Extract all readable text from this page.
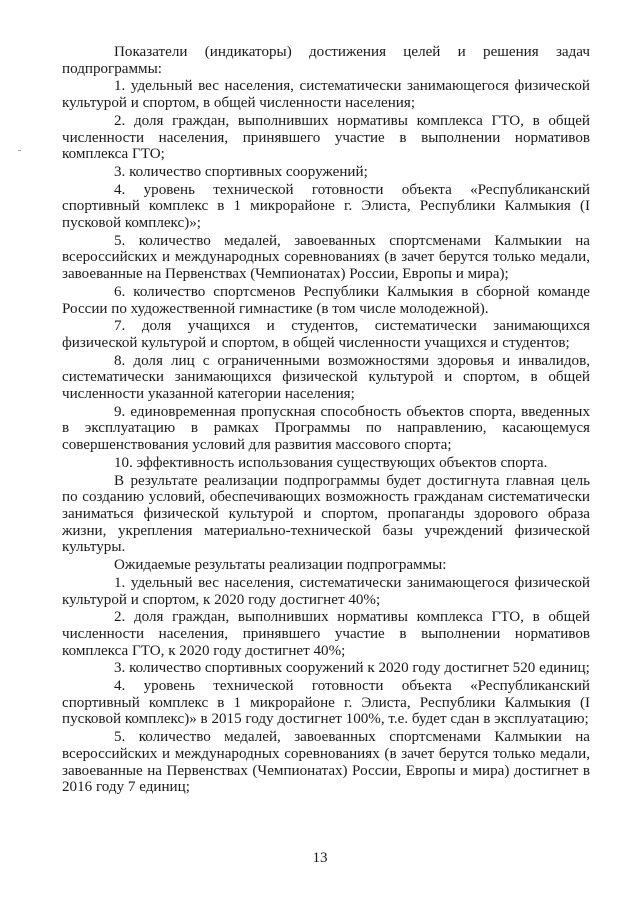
Показатели (индикаторы) достижения целей и решения задач подпрограммы:

1. удельный вес населения, систематически занимающегося физической культурой и спортом, в общей численности населения;

2. доля граждан, выполнивших нормативы комплекса ГТО, в общей численности населения, принявшего участие в выполнении нормативов комплекса ГТО;

3. количество спортивных сооружений;

4. уровень технической готовности объекта «Республиканский спортивный комплекс в 1 микрорайоне г. Элиста, Республики Калмыкия (I пусковой комплекс)»;

5. количество медалей, завоеванных спортсменами Калмыкии на всероссийских и международных соревнованиях (в зачет берутся только медали, завоеванные на Первенствах (Чемпионатах) России, Европы и мира);

6. количество спортсменов Республики Калмыкия в сборной команде России по художественной гимнастике (в том числе молодежной).

7. доля учащихся и студентов, систематически занимающихся физической культурой и спортом, в общей численности учащихся и студентов;

8. доля лиц с ограниченными возможностями здоровья и инвалидов, систематически занимающихся физической культурой и спортом, в общей численности указанной категории населения;

9. единовременная пропускная способность объектов спорта, введенных в эксплуатацию в рамках Программы по направлению, касающемуся совершенствования условий для развития массового спорта;

10. эффективность использования существующих объектов спорта.

В результате реализации подпрограммы будет достигнута главная цель по созданию условий, обеспечивающих возможность гражданам систематически заниматься физической культурой и спортом, пропаганды здорового образа жизни, укрепления материально-технической базы учреждений физической культуры.

Ожидаемые результаты реализации подпрограммы:

1. удельный вес населения, систематически занимающегося физической культурой и спортом, к 2020 году достигнет 40%;

2. доля граждан, выполнивших нормативы комплекса ГТО, в общей численности населения, принявшего участие в выполнении нормативов комплекса ГТО, к 2020 году достигнет 40%;

3. количество спортивных сооружений к 2020 году достигнет 520 единиц;

4. уровень технической готовности объекта «Республиканский спортивный комплекс в 1 микрорайоне г. Элиста, Республики Калмыкия (I пусковой комплекс)» в 2015 году достигнет 100%, т.е. будет сдан в эксплуатацию;

5. количество медалей, завоеванных спортсменами Калмыкии на всероссийских и международных соревнованиях (в зачет берутся только медали, завоеванные на Первенствах (Чемпионатах) России, Европы и мира) достигнет в 2016 году 7 единиц;

13
